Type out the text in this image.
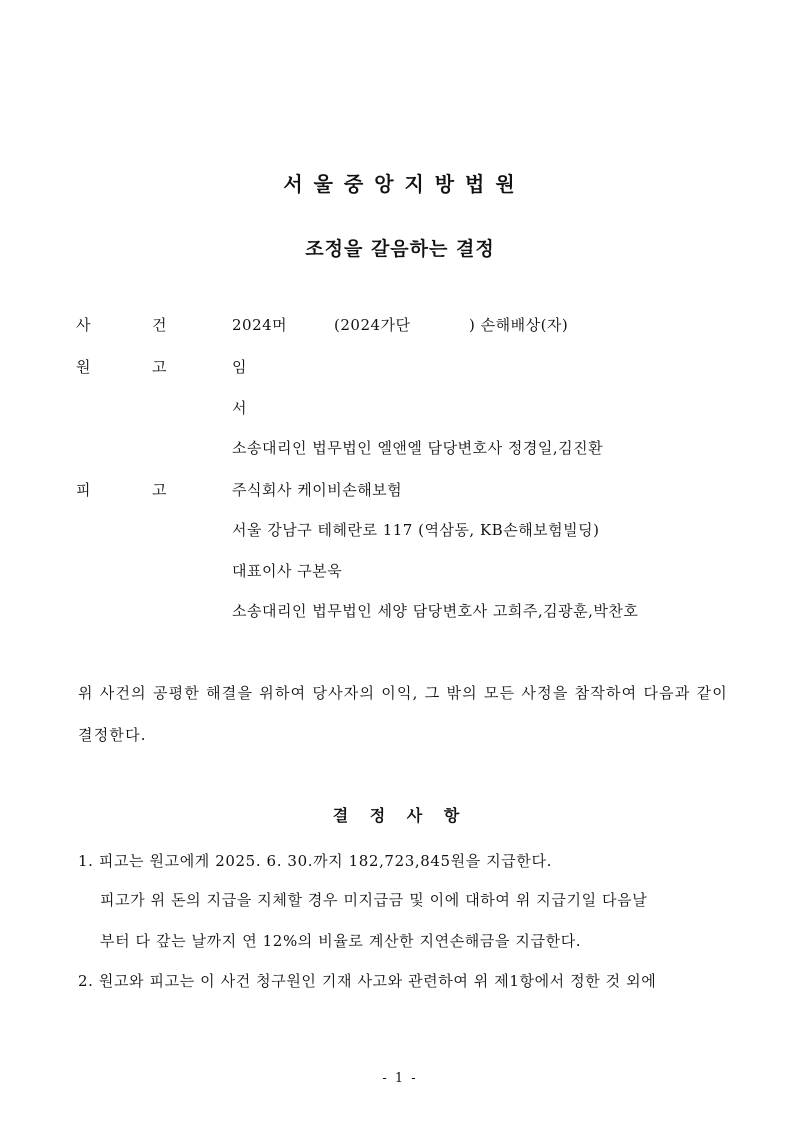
서 울 중 앙 지 방 법 원
조정을 갈음하는 결정
사	건	2024머	(2024가단	) 손해배상(자)
원	고	임
서
소송대리인 법무법인 엘앤엘 담당변호사 정경일,김진환
피	고	주식회사 케이비손해보험
서울 강남구 테헤란로 117 (역삼동, KB손해보험빌딩)
대표이사 구본욱
소송대리인 법무법인 세양 담당변호사 고희주,김광훈,박찬호
위 사건의 공평한 해결을 위하여 당사자의 이익, 그 밖의 모든 사정을 참작하여 다음과 같이 결정한다.
결 정 사 항
1. 피고는 원고에게 2025. 6. 30.까지 182,723,845원을 지급한다.
피고가 위 돈의 지급을 지체할 경우 미지급금 및 이에 대하여 위 지급기일 다음날
부터 다 갚는 날까지 연 12%의 비율로 계산한 지연손해금을 지급한다.
2. 원고와 피고는 이 사건 청구원인 기재 사고와 관련하여 위 제1항에서 정한 것 외에
- 1 -
